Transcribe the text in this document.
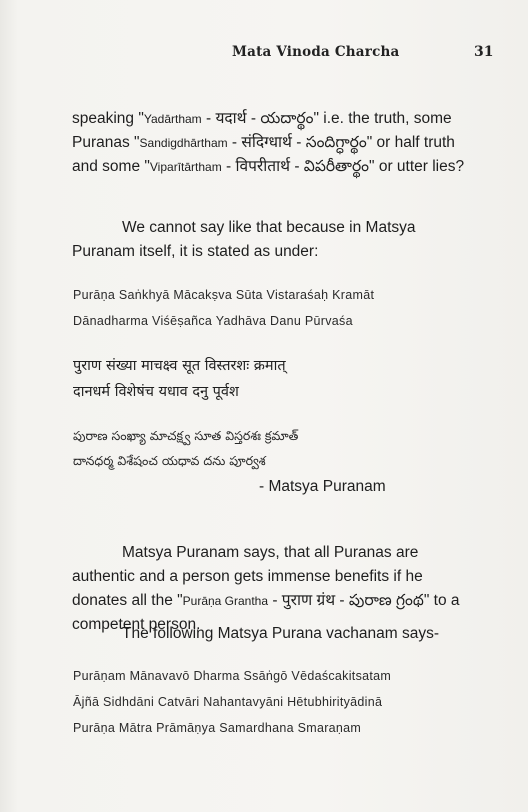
Mata Vinoda Charcha	31
speaking "Yadārtham - यदार्थ - యదార్థం" i.e. the truth, some Puranas "Sandigdhārtham - संदिग्धार्थ - సందిగ్ధార్థం" or half truth and some "Viparītārtham - विपरीतार्थ - విపరీతార్థం" or utter lies?
We cannot say like that because in Matsya Puranam itself, it is stated as under:
Purāṇa Saṅkhyā Mācakṣva Sūta Vistaraśaḥ Kramāt
Dānadharma Viśēṣañca Yadhāva Danu Pūrvaśa
पुराण संख्या माचक्ष्व सूत विस्तरशः क्रमात्
दानधर्म विशेषंच यधाव दनु पूर्वश
పురాణ సంఖ్యా మాచక్ష్వ సూత విస్తరశః క్రమాత్
దానధర్మ విశేషంచ యధావ దను పూర్వశ
- Matsya Puranam
Matsya Puranam says, that all Puranas are authentic and a person gets immense benefits if he donates all the "Purāṇa Grantha - पुराण ग्रंथ - పురాణ గ్రంథ" to a competent person.
The following Matsya Purana vachanam says-
Purāṇam Mānavavō Dharma Ssāṅgō Vēdaścakitsatam
Ājñā Sidhdāni Catvāri Nahantavyāni Hētubhirityādinā
Purāṇa Mātra Prāmāṇya Samardhana Smaraṇam
